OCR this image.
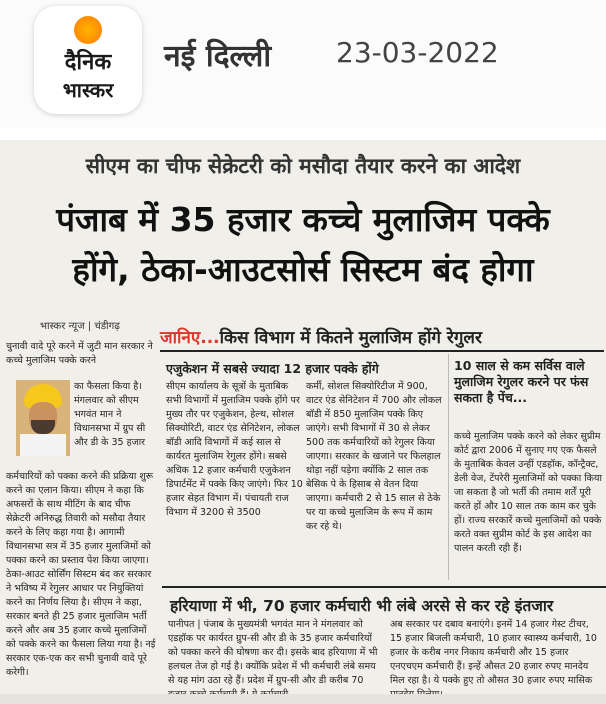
दैनिक
भास्कर
नई दिल्ली 23-03-2022
सीएम का चीफ सेक्रेटरी को मसौदा तैयार करने का आदेश
पंजाब में 35 हजार कच्चे मुलाजिम पक्के
होंगे, ठेका-आउटसोर्स सिस्टम बंद होगा
भास्कर न्यूज | चंडीगढ़
जानिए...किस विभाग में कितने मुलाजिम होंगे रेगुलर
चुनावी वादे पूरे करने में जुटी मान सरकार ने कच्चे मुलाजिम पक्के करने
का फैसला किया है। मंगलवार को सीएम भगवंत मान ने विधानसभा में ग्रुप सी और डी के 35 हजार
कर्मचारियों को पक्का करने की प्रक्रिया शुरू करने का एलान किया। सीएम ने कहा कि अफसरों के साथ मीटिंग के बाद चीफ सेक्रेटरी अनिरुद्ध तिवारी को मसौदा तैयार करने के लिए कहा गया है। आगामी विधानसभा सत्र में 35 हजार मुलाजिमों को पक्का करने का प्रस्ताव पेश किया जाएगा। ठेका-आउट सोर्सिंग सिस्टम बंद कर सरकार ने भविष्य में रेगुलर आधार पर नियुक्तियां करने का निर्णय लिया है। सीएम ने कहा, सरकार बनते ही 25 हजार मुलाजिम भर्ती करने और अब 35 हजार कच्चे मुलाजिमों को पक्के करने का फैसला लिया गया है। नई सरकार एक-एक कर सभी चुनावी वादे पूरे करेगी।
एजुकेशन में सबसे ज्यादा 12 हजार पक्के होंगे
सीएम कार्यालय के सूत्रों के मुताबिक सभी विभागों में मुलाजिम पक्के होंगे पर मुख्य तौर पर एजुकेशन, हेल्थ, सोशल सिक्योरिटी, वाटर एंड सेनिटेशन, लोकल बॉडी आदि विभागों में कई साल से कार्यरत मुलाजिम रेगुलर होंगे। सबसे अधिक 12 हजार कर्मचारी एजुकेशन डिपार्टमेंट में पक्के किए जाएंगे। फिर 10 हजार सेहत विभाग में। पंचायती राज विभाग में 3200 से 3500
कर्मी, सोशल सिक्योरिटीज में 900, वाटर एंड सेनिटेशन में 700 और लोकल बॉडी में 850 मुलाजिम पक्के किए जाएंगे। सभी विभागों में 30 से लेकर 500 तक कर्मचारियों को रेगुलर किया जाएगा। सरकार के खजाने पर फिलहाल थोड़ा नहीं पड़ेगा क्योंकि 2 साल तक बेसिक पे के हिसाब से वेतन दिया जाएगा। कर्मचारी 2 से 15 साल से ठेके पर या कच्चे मुलाजिम के रूप में काम कर रहे थे।
10 साल से कम सर्विस वाले मुलाजिम रेगुलर करने पर फंस सकता है पेंच...
कच्चे मुलाजिम पक्के करने को लेकर सुप्रीम कोर्ट द्वारा 2006 में सुनाए गए एक फैसले के मुताबिक केवल उन्हीं एडहॉक, कॉन्ट्रैक्ट, डेली वेज, टेंपरेरी मुलाजिमों को पक्का किया जा सकता है जो भर्ती की तमाम शर्तें पूरी करते हों और 10 साल तक काम कर चुके हों। राज्य सरकारें कच्चे मुलाजिमों को पक्के करते वक्त सुप्रीम कोर्ट के इस आदेश का पालन करती रही हैं।
हरियाणा में भी, 70 हजार कर्मचारी भी लंबे अरसे से कर रहे इंतजार
पानीपत | पंजाब के मुख्यमंत्री भगवंत मान ने मंगलवार को एडहॉक पर कार्यरत ग्रुप-सी और डी के 35 हजार कर्मचारियों को पक्का करने की घोषणा कर दी। इसके बाद हरियाणा में भी हलचल तेज हो गई है। क्योंकि प्रदेश में भी कर्मचारी लंबे समय से यह मांग उठा रहे हैं। प्रदेश में ग्रुप-सी और डी करीब 70
अब सरकार पर दबाव बनाएंगे। इनमें 14 हजार गेस्ट टीचर, 15 हजार बिजली कर्मचारी, 10 हजार स्वास्थ्य कर्मचारी, 10 हजार के करीब नगर निकाय कर्मचारी और 15 हजार एनएचएम कर्मचारी हैं। इन्हें औसत 20 हजार रुपए मानदेय मिल रहा है। ये पक्के हुए तो औसत 30 हजार रुपए मासिक
